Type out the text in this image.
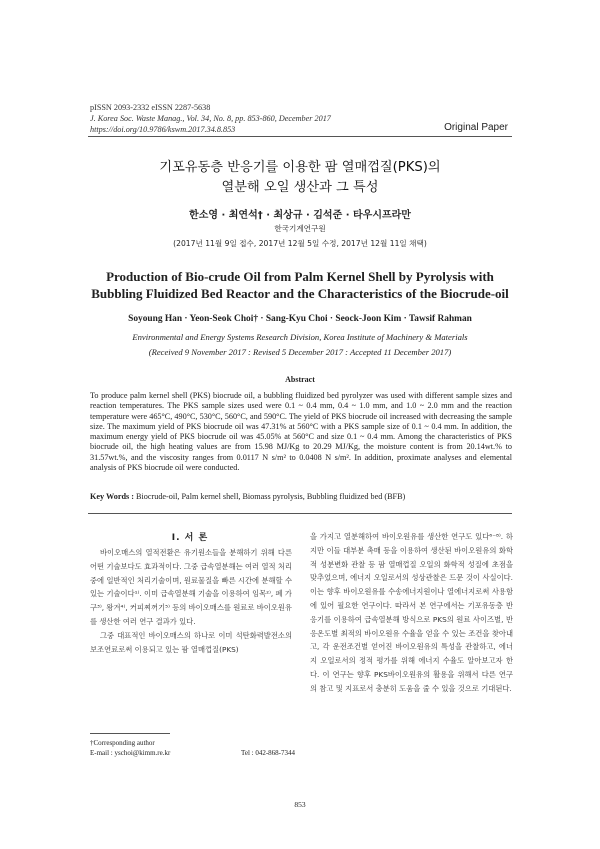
pISSN 2093-2332 eISSN 2287-5638
J. Korea Soc. Waste Manag., Vol. 34, No. 8, pp. 853-860, December 2017
https://doi.org/10.9786/kswm.2017.34.8.853	Original Paper
기포유동층 반응기를 이용한 팜 열매껍질(PKS)의
열분해 오일 생산과 그 특성
한소영 · 최연석† · 최상규 · 김석준 · 타우시프라만
한국기계연구원
(2017년 11월 9일 접수, 2017년 12월 5일 수정, 2017년 12월 11일 채택)
Production of Bio-crude Oil from Palm Kernel Shell by Pyrolysis with
Bubbling Fluidized Bed Reactor and the Characteristics of the Biocrude-oil
Soyoung Han · Yeon-Seok Choi† · Sang-Kyu Choi · Seock-Joon Kim · Tawsif Rahman
Environmental and Energy Systems Research Division, Korea Institute of Machinery & Materials
(Received 9 November 2017 : Revised 5 December 2017 : Accepted 11 December 2017)
Abstract
To produce palm kernel shell (PKS) biocrude oil, a bubbling fluidized bed pyrolyzer was used with different sample sizes and reaction temperatures. The PKS sample sizes used were 0.1 ~ 0.4 mm, 0.4 ~ 1.0 mm, and 1.0 ~ 2.0 mm and the reaction temperature were 465°C, 490°C, 530°C, 560°C, and 590°C. The yield of PKS biocrude oil increased with decreasing the sample size. The maximum yield of PKS biocrude oil was 47.31% at 560°C with a PKS sample size of 0.1 ~ 0.4 mm. In addition, the maximum energy yield of PKS biocrude oil was 45.05% at 560°C and size 0.1 ~ 0.4 mm. Among the characteristics of PKS biocrude oil, the high heating values are from 15.98 MJ/Kg to 20.29 MJ/Kg, the moisture content is from 20.14wt.% to 31.57wt.%, and the viscosity ranges from 0.0117 N s/m² to 0.0408 N s/m². In addition, proximate analyses and elemental analysis of PKS biocrude oil were conducted.
Key Words : Biocrude-oil, Palm kernel shell, Biomass pyrolysis, Bubbling fluidized bed (BFB)
I. 서 론

바이오매스의 열적전환은 유기원소들을 분해하기 위해 다른 어떤 기술보다도 효과적이다. 그중 급속열분해는 여러 열적 처리 중에 일반적인 처리기술이며, 원료물질을 빠른 시간에 분해할 수 있는 기술이다¹⁾. 이미 급속열분해 기술을 이용하여 임목²⁾, 폐 가구³⁾, 왕겨⁴⁾, 커피찌꺼기⁵⁾ 등의 바이오매스를 원료로 바이오원유를 생산한 여러 연구 결과가 있다.

그중 대표적인 바이오매스의 하나로 이미 석탄화력발전소의 보조연료로써 이용되고 있는 팜 열매껍질(PKS)

을 가지고 열분해하여 바이오원유를 생산한 연구도 있다⁶⁻⁸⁾. 하지만 이들 대부분 촉매 등을 이용하여 생산된 바이오원유의 화학적 성분변화 관찰 등 팜 열매껍질 오일의 화학적 성질에 초점을 맞추었으며, 에너지 오일로서의 성상관찰은 드문 것이 사실이다. 이는 향후 바이오원유를 수송에너지원이나 열에너지로써 사용함에 있어 필요한 연구이다. 따라서 본 연구에서는 기포유동층 반응기를 이용하여 급속열분해 방식으로 PKS의 원료 사이즈별, 반응온도별 최적의 바이오원유 수율을 얻을 수 있는 조건을 찾아내고, 각 운전조건별 얻어진 바이오원유의 특성을 관찰하고, 에너지 오일로서의 정적 평가를 위해 에너지 수율도 알아보고자 한다. 이 연구는 향후 PKS바이오원유의 활용을 위해서 다른 연구의 참고 및 지표로서 충분히 도움을 줄 수 있을 것으로 기대된다.

†Corresponding author
E-mail : yschoi@kimm.re.kr	Tel : 042-868-7344
853
